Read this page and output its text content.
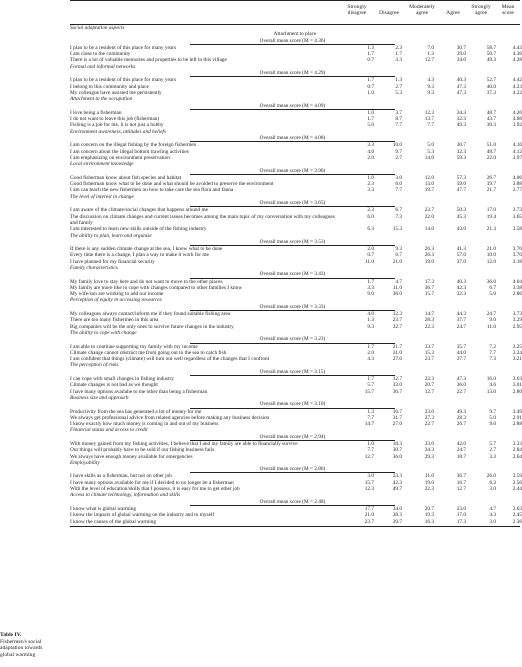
Table IV.
Fishermen's social
adaptation towards
global warming
Strongly disagree	Disagree
Moderately agree	Agree
Strongly agree
Mean score
Social adaptation aspects
Attachment to place
Overall mean score (M = 4.36)
I plan to be a resident of this place for many years	1.3	2.3	7.0	30.7	58.7	4.43
I am close to the community	1.7	1.7	1.3	39.0	50.7	4.36
There is a lot of valuable memories and properties to be left in this village	0.7	3.3	12.7	34.0	49.3	4.28
Formal and informal networks
Overall mean score (M = 4.29)
I plan to be a resident of this place for many years	1.7	1.3	4.3	40.3	52.7	4.42
I belong to this community and place	0.7	2.7	9.3	47.3	40.0	4.23
My colleague have assisted me persistently	1.0	5.3	9.3	47.3	37.3	4.22
Attachment to the occupation
Overall mean score (M = 4.09)
I love being a fisherman	1.0	3.7	12.3	34.3	48.7	4.26
I do not want to leave this job (fisherman)	1.7	8.7	13.7	32.3	43.7	4.08
Fishing is a job for me, it is not just a hobby	5.0	7.7	7.7	49.3	30.3	3.92
Environment awareness, attitudes and beliefs
Overall mean score (M = 4.08)
I am concern on the illegal fishing by the foreign fishermen	3.3	10.0	5.0	30.7	51.0	4.16
I am concern about the illegal bottom trawling activities	4.0	9.7	5.3	32.3	48.7	4.12
I am emphasizing on environment preservation	2.0	2.7	14.0	59.3	22.0	3.97
Local environment knowledge
Overall mean score (M = 3.90)
Good fisherman know about fish species and habitat	1.0	3.0	12.0	57.3	26.7	4.06
Good fisherman know what to be done and what should be avoided to preserve the environment	2.3	6.0	13.0	59.0	19.7	3.88
I am can teach the new fishermen on how to take care the sea flora and fauna	3.3	7.7	19.7	47.7	21.7	3.77
The level of interest in change
Overall mean score (M = 3.65)
I am aware of the climate/social changes that happens around me	2.3	6.7	23.7	50.3	17.0	3.73
The discussion on climate changes and current issues becomes among the main topic of my conversation with my colleagues and family
6.0	7.3	22.0	45.3	19.4	3.65
I am interested to learn new skills outside of the fishing industry	6.3	15.3	14.0	43.0	21.3	3.58
The ability to plan, learn and organize
Overall mean score (M = 3.53)
If there is any sudden climate change at the sea, I know what to be done	2.0	9.3	26.3	41.3	21.0	3.70
Every time there is a change, I plan a way to make it work for me	0.7	6.7	26.3	57.0	10.0	3.70
I have planned for my financial security	11.0	21.0	19.0	37.0	12.0	3.18
Family characteristics
Overall mean score (M = 3.43)
My family love to stay here and do not want to move to the other places	1.7	4.7	17.3	40.3	36.0	4.04
My family are more like to cope with changes compared to other families I know	3.3	11.0	36.7	42.3	6.7	3.38
My wife/son are working to add our income	9.0	38.0	15.7	32.3	5.0	2.86
Perception of equity in accessing resources
Overall mean score (M = 3.33)
My colleagues always contact/inform me if they found suitable fishing area	4.0	12.3	14.7	44.3	24.7	3.73
There are too many fishermen in this area	1.3	23.7	28.3	37.7	9.0	3.29
Big companies will be the only ones to survive future changes in the industry	9.3	32.7	22.3	24.7	11.0	2.95
The ability to cope with change
Overall mean score (M = 3.23)
I am able to continue supporting my family with my income	1.7	21.7	33.7	35.7	7.2	3.25
Climate change cannot obstruct me from going out to the sea to catch fish	2.0	31.0	15.3	44.0	7.7	3.24
I am confident that things (climate) will turn out well regardless of the changes that I confront	4.3	27.0	23.7	37.7	7.3	3.21
The perception of risks
Overall mean score (M = 3.15)
I can cope with small changes in fishing industry	1.7	12.7	22.3	47.3	16.0	3.63
Climate changes is not bad as we thought	5.7	33.0	20.7	36.0	4.6	3.01
I have many options availabe to me other than being a fisherman	15.7	36.7	12.7	22.7	13.0	2.80
Business size and approach
Overall mean score (M = 3.10)
Productivity from the sea has generated a lot of money for me	1.3	16.7	23.0	49.3	9.7	3.49
We always get professional advice from related agencies before making any business decision	7.7	31.7	27.3	28.3	5.0	2.91
I know exactly how much money is coming in and out of my business	14.7	27.0	22.7	26.7	9.0	2.88
Financial status and access to credit
Overall mean score (M = 2.94)
With money gained from my fishing activities, I believe that I and my family are able to financially survive	1.0	18.3	33.0	42.0	5.7	3.33
Our things will probably have to be sold if our fishing business fails	7.7	30.7	34.3	24.7	2.7	2.84
We always have enough money available for emergencies	12.7	36.0	29.3	18.7	3.3	2.64
Employability
Overall mean score (M = 2.86)
I have skills as a fisherman, but not on other job	3.0	23.3	11.0	36.7	26.0	3.59
I have many options available for me if I decided to no longer be a fisherman	15.7	42.3	19.0	16.7	6.3	2.56
With the level of education/skills that I possess, it is easy for me to get other job	12.3	49.7	22.3	12.7	3.0	2.44
Access to climate technology, information and skills
Overall mean score (M = 2.48)
I know what is global warming	17.7	34.0	20.7	23.0	4.7	2.63
I know the impacts of global warming on the industry and to myself	21.0	38.3	19.3	17.0	4.3	2.45
I know the causes of the global warming	23.7	39.7	16.3	17.3	3.0	2.36
